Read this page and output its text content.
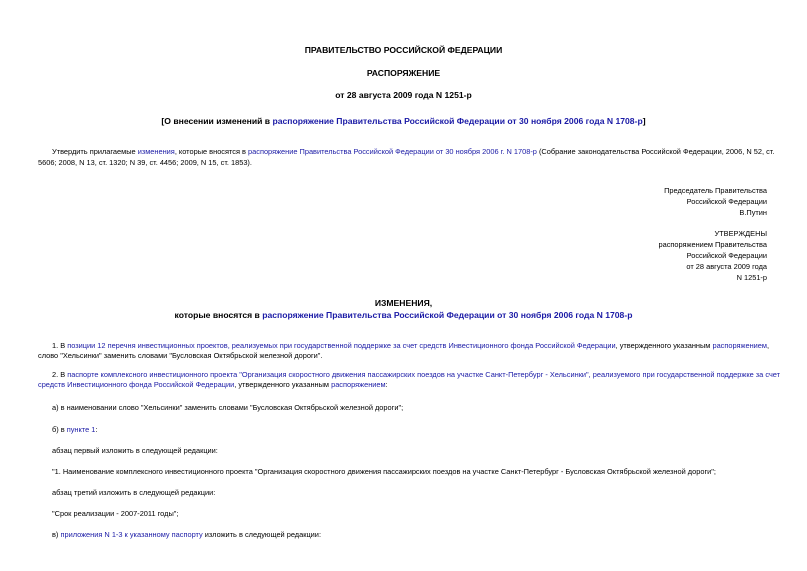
ПРАВИТЕЛЬСТВО РОССИЙСКОЙ ФЕДЕРАЦИИ
РАСПОРЯЖЕНИЕ
от 28 августа 2009 года N 1251-р
[О внесении изменений в распоряжение Правительства Российской Федерации от 30 ноября 2006 года N 1708-р]
Утвердить прилагаемые изменения, которые вносятся в распоряжение Правительства Российской Федерации от 30 ноября 2006 г. N 1708-р (Собрание законодательства Российской Федерации, 2006, N 52, ст.
5606; 2008, N 13, ст. 1320; N 39, ст. 4456; 2009, N 15, ст. 1853).
Председатель Правительства
Российской Федерации
В.Путин
УТВЕРЖДЕНЫ
распоряжением Правительства
Российской Федерации
от 28 августа 2009 года
N 1251-р
ИЗМЕНЕНИЯ,
которые вносятся в распоряжение Правительства Российской Федерации от 30 ноября 2006 года N 1708-р
1. В позиции 12 перечня инвестиционных проектов, реализуемых при государственной поддержке за счет средств Инвестиционного фонда Российской Федерации, утвержденного указанным распоряжением,
слово "Хельсинки" заменить словами "Бусловская Октябрьской железной дороги".
2. В паспорте комплексного инвестиционного проекта "Организация скоростного движения пассажирских поездов на участке Санкт-Петербург - Хельсинки", реализуемого при государственной поддержке за счет
средств Инвестиционного фонда Российской Федерации, утвержденного указанным распоряжением:
а) в наименовании слово "Хельсинки" заменить словами "Бусловская Октябрьской железной дороги";
б) в пункте 1:
абзац первый изложить в следующей редакции:
"1. Наименование комплексного инвестиционного проекта "Организация скоростного движения пассажирских поездов на участке Санкт-Петербург - Бусловская Октябрьской железной дороги";
абзац третий изложить в следующей редакции:
"Срок реализации - 2007-2011 годы";
в) приложения N 1-3 к указанному паспорту изложить в следующей редакции:
